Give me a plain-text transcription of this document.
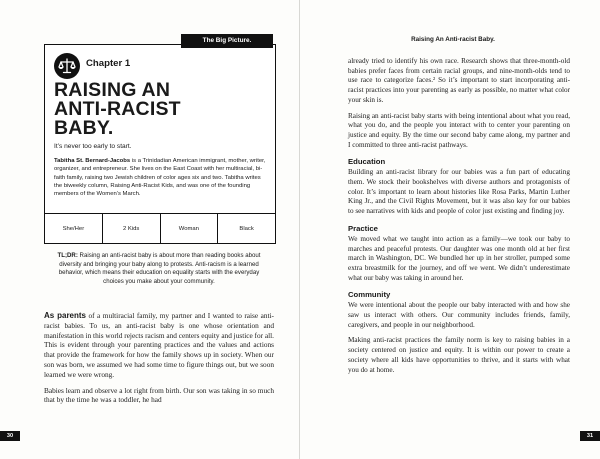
Chapter 1
RAISING AN
ANTI-RACIST
BABY.
It’s never too early to start.
Tabitha St. Bernard-Jacobs is a Trinidadian American immigrant, mother, writer, organizer, and entrepreneur. She lives on the East Coast with her multiracial, bi-faith family, raising two Jewish children of color ages six and two. Tabitha writes the biweekly column, Raising Anti-Racist Kids, and was one of the founding members of the Women’s March.
She/Her	2 Kids	Woman	Black
The Big Picture.
TL;DR: Raising an anti-racist baby is about more than reading books about diversity and bringing your baby along to protests. Anti-racism is a learned behavior, which means their education on equality starts with the everyday choices you make about your community.

As parents of a multiracial family, my partner and I wanted to raise anti-racist babies. To us, an anti-racist baby is one whose orientation and manifestation in this world rejects racism and centers equity and justice for all. This is evident through your parenting practices and the values and actions that provide the framework for how the family shows up in society. When our son was born, we assumed we had some time to figure things out, but we soon learned we were wrong.

Babies learn and observe a lot right from birth. Our son was taking in so much that by the time he was a toddler, he had

30
Raising An Anti-racist Baby.

already tried to identify his own race. Research shows that three-month-old babies prefer faces from certain racial groups, and nine-month-olds tend to use race to categorize faces.² So it’s important to start incorporating anti-racist practices into your parenting as early as possible, no matter what color your skin is.

Raising an anti-racist baby starts with being intentional about what you read, what you do, and the people you interact with to center your parenting on justice and equity. By the time our second baby came along, my partner and I committed to three anti-racist pathways.

Education

Building an anti-racist library for our babies was a fun part of educating them. We stock their bookshelves with diverse authors and protagonists of color. It’s important to learn about histories like Rosa Parks, Martin Luther King Jr., and the Civil Rights Movement, but it was also key for our babies to see narratives with kids and people of color just existing and finding joy.

Practice

We moved what we taught into action as a family—we took our baby to marches and peaceful protests. Our daughter was one month old at her first march in Washington, DC. We bundled her up in her stroller, pumped some extra breastmilk for the journey, and off we went. We didn’t underestimate what our baby was taking in around her.

Community

We were intentional about the people our baby interacted with and how she saw us interact with others. Our community includes friends, family, caregivers, and people in our neighborhood.

Making anti-racist practices the family norm is key to raising babies in a society centered on justice and equity. It is within our power to create a society where all kids have opportunities to thrive, and it starts with what you do at home.

31
